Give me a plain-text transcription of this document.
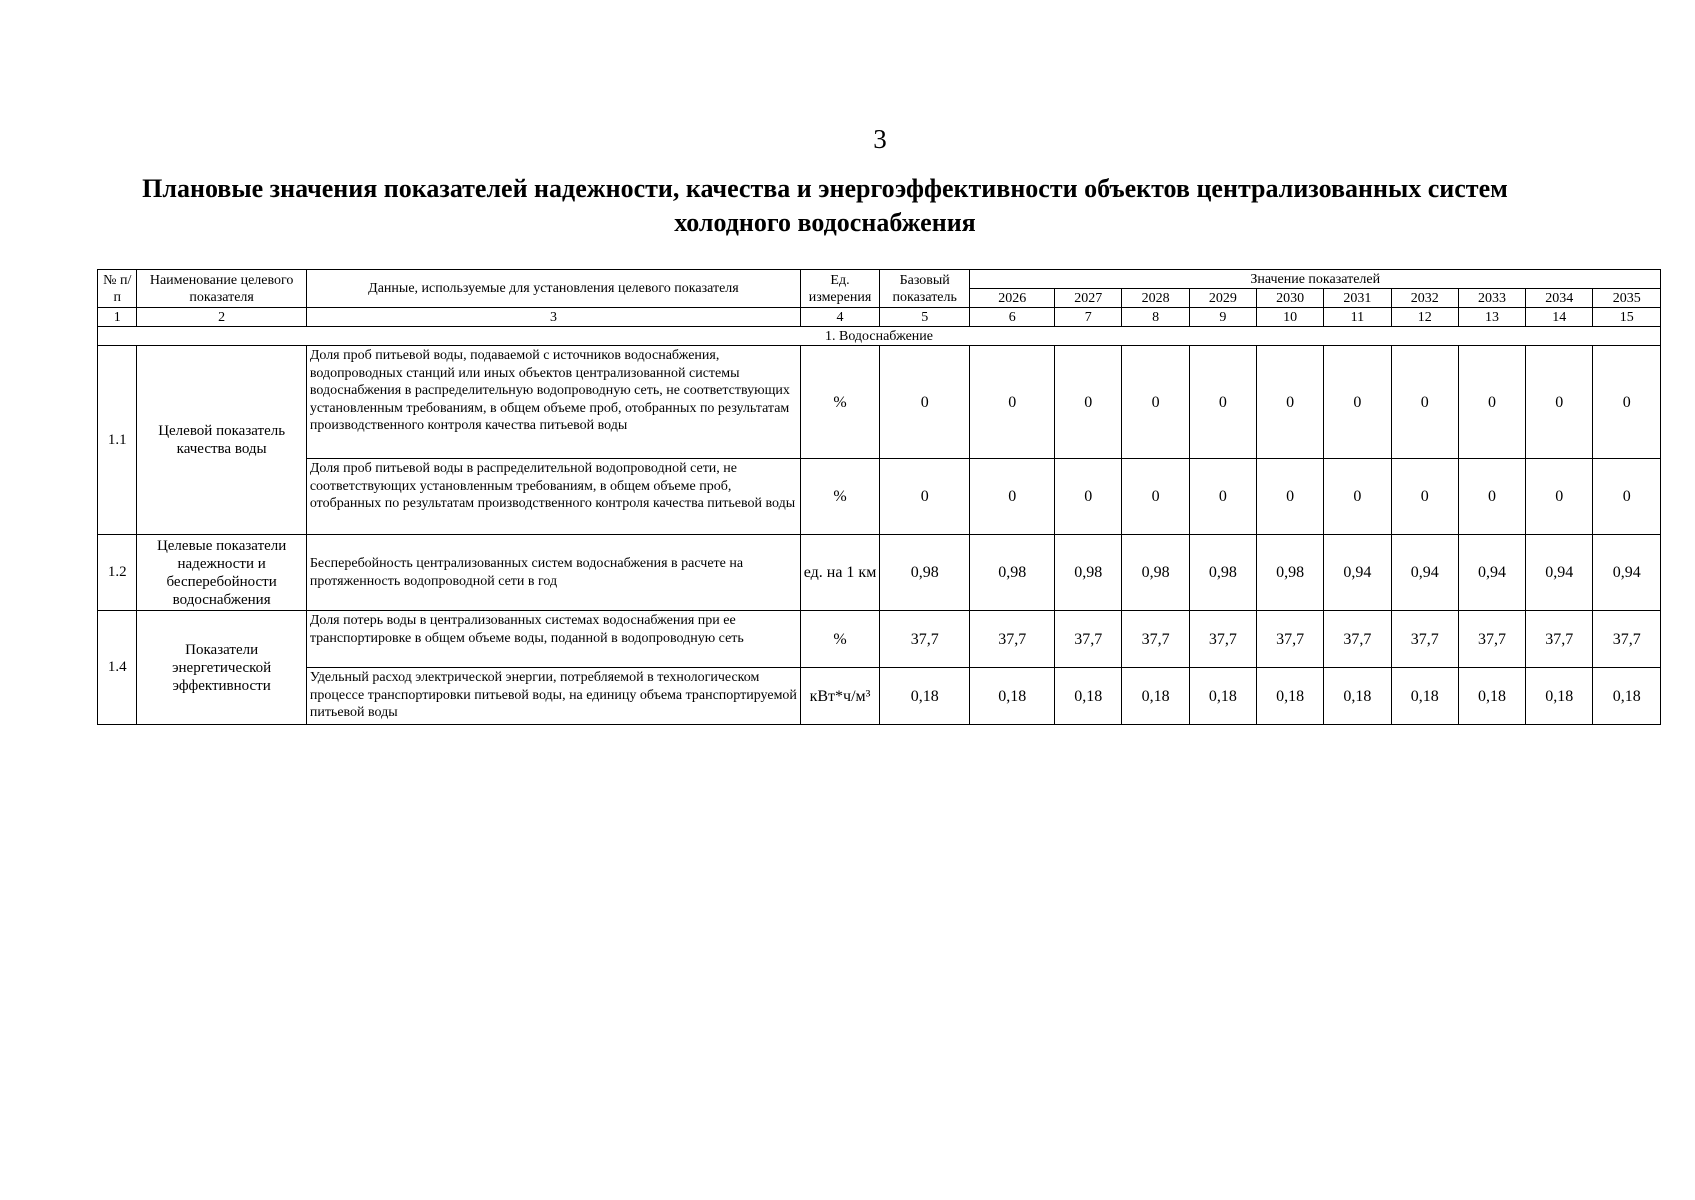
3
Плановые значения показателей надежности, качества и энергоэффективности объектов централизованных систем
холодного водоснабжения
№ п/п	Наименование целевого показателя	Данные, используемые для установления целевого показателя	Ед. измерения	Базовый показатель	Значение показателей									
					2026	2027	2028	2029	2030	2031	2032	2033	2034	2035
1	2	3	4	5	6	7	8	9	10	11	12	13	14	15
1. Водоснабжение														
1.1	Целевой показатель качества воды	Доля проб питьевой воды, подаваемой с источников водоснабжения, водопроводных станций или иных объектов централизованной системы водоснабжения в распределительную водопроводную сеть, не соответствующих установленным требованиям, в общем объеме проб, отобранных по результатам производственного контроля качества питьевой воды	%	0	0	0	0	0	0	0	0	0	0	0
		Доля проб питьевой воды в распределительной водопроводной сети, не соответствующих установленным требованиям, в общем объеме проб, отобранных по результатам производственного контроля качества питьевой воды	%	0	0	0	0	0	0	0	0	0	0	0
1.2	Целевые показатели надежности и бесперебойности водоснабжения	Бесперебойность централизованных систем водоснабжения в расчете на протяженность водопроводной сети в год	ед. на 1 км	0,98	0,98	0,98	0,98	0,98	0,98	0,94	0,94	0,94	0,94	0,94
1.4	Показатели энергетической эффективности	Доля потерь воды в централизованных системах водоснабжения при ее транспортировке в общем объеме воды, поданной в водопроводную сеть	%	37,7	37,7	37,7	37,7	37,7	37,7	37,7	37,7	37,7	37,7	37,7
		Удельный расход электрической энергии, потребляемой в технологическом процессе транспортировки питьевой воды, на единицу объема транспортируемой питьевой воды	кВт*ч/м³	0,18	0,18	0,18	0,18	0,18	0,18	0,18	0,18	0,18	0,18	0,18
